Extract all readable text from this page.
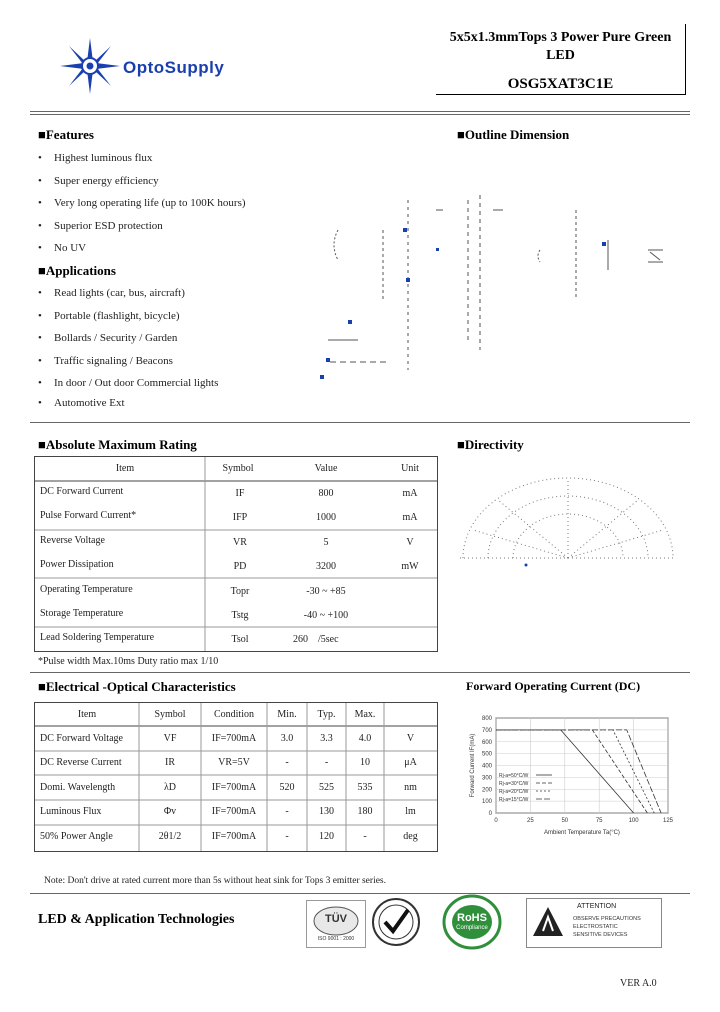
OptoSupply
5x5x1.3mmTops 3 Power Pure Green
LED
OSG5XAT3C1E
■Features
• Highest luminous flux
• Super energy efficiency
• Very long operating life (up to 100K hours)
• Superior ESD protection
• No UV
■Applications
• Read lights (car, bus, aircraft)
• Portable (flashlight, bicycle)
• Bollards / Security / Garden
• Traffic signaling / Beacons
• In door / Out door Commercial lights
• Automotive Ext
■Outline Dimension
■Absolute Maximum Rating
Item	Symbol	Value	Unit
DC Forward Current	IF	800	mA
Pulse Forward Current*	IFP	1000	mA
Reverse Voltage	VR	5	V
Power Dissipation	PD	3200	mW
Operating Temperature	Topr	-30 ~ +85
Storage Temperature	Tstg	-40 ~ +100
Lead Soldering Temperature	Tsol	260    /5sec
*Pulse width Max.10ms Duty ratio max 1/10
■Directivity
■Electrical -Optical Characteristics
Item	Symbol	Condition	Min.	Typ.	Max.
DC Forward Voltage	VF	IF=700mA	3.0	3.3	4.0	V
DC Reverse Current	IR	VR=5V	-	-	10	μA
Domi. Wavelength	λD	IF=700mA	520	525	535	nm
Luminous Flux	Φv	IF=700mA	-	130	180	lm
50% Power Angle	2θ1/2	IF=700mA	-	120	-	deg
Forward Operating Current (DC)
0
100
200
300
400
500
600
700
800
0	25	50	75	100	125
Ambient Temperature Ta(°C)
Forward Current IF(mA)	Rj-a=50°C/W
Rj-a=30°C/W
Rj-a=20°C/W
Rj-a=15°C/W
Note: Don't drive at rated current more than 5s without heat sink for Tops 3 emitter series.
LED & Application Technologies	TÜV
ISO 9001 : 2000
RoHS
Compliance
ATTENTION
OBSERVE PRECAUTIONS
ELECTROSTATIC
SENSITIVE DEVICES
VER A.0
